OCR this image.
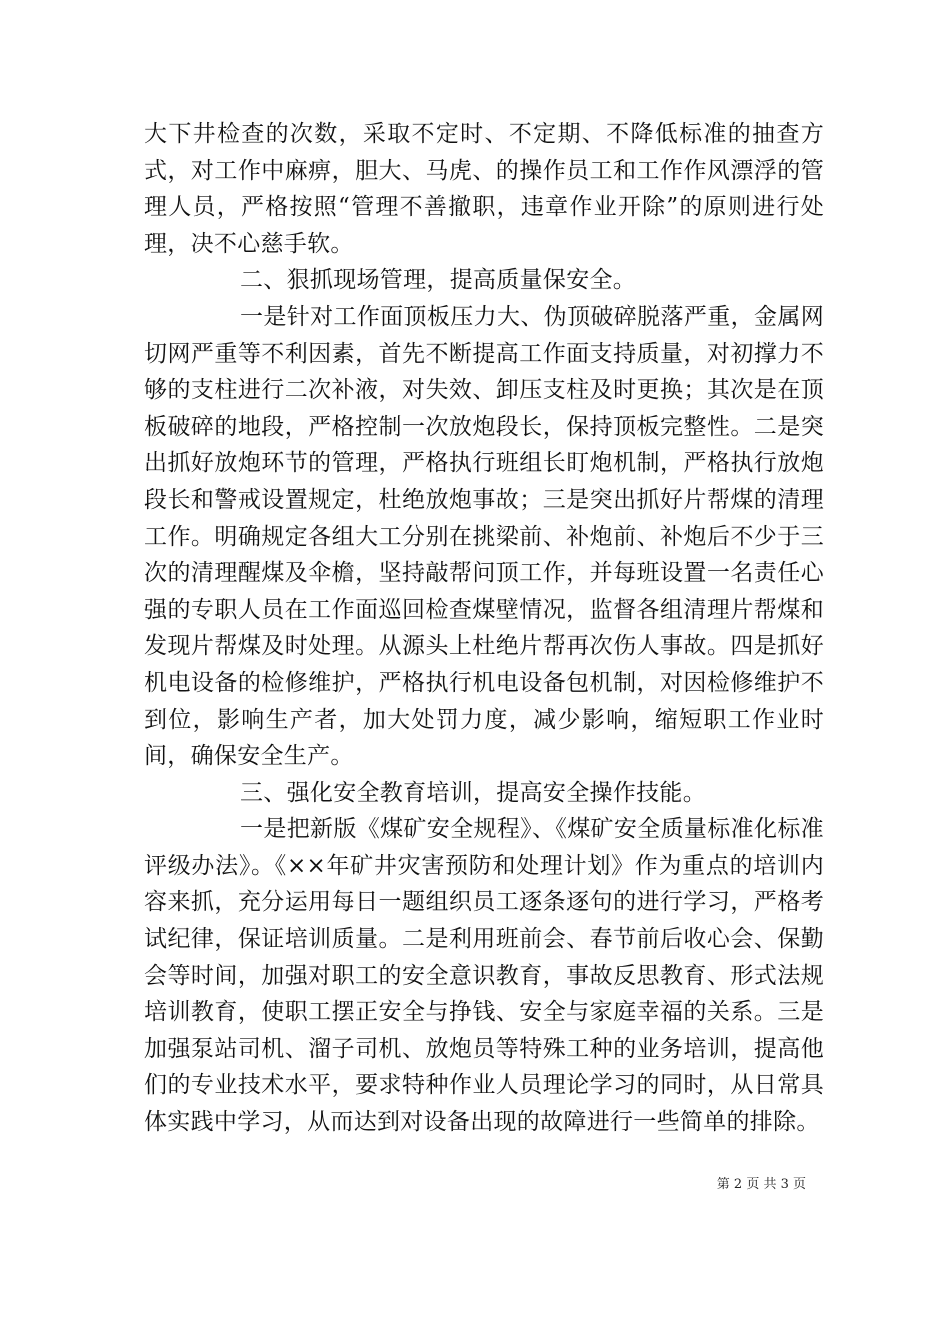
大下井检查的次数，采取不定时、不定期、不降低标准的抽查方式，对工作中麻痹，胆大、马虎、的操作员工和工作作风漂浮的管理人员，严格按照“管理不善撤职，违章作业开除”的原则进行处理，决不心慈手软。

二、狠抓现场管理，提高质量保安全。

一是针对工作面顶板压力大、伪顶破碎脱落严重，金属网切网严重等不利因素，首先不断提高工作面支持质量，对初撑力不够的支柱进行二次补液，对失效、卸压支柱及时更换；其次是在顶板破碎的地段，严格控制一次放炮段长，保持顶板完整性。二是突出抓好放炮环节的管理，严格执行班组长盯炮机制，严格执行放炮段长和警戒设置规定，杜绝放炮事故；三是突出抓好片帮煤的清理工作。明确规定各组大工分别在挑梁前、补炮前、补炮后不少于三次的清理醒煤及伞檐，坚持敲帮问顶工作，并每班设置一名责任心强的专职人员在工作面巡回检查煤壁情况，监督各组清理片帮煤和发现片帮煤及时处理。从源头上杜绝片帮再次伤人事故。四是抓好机电设备的检修维护，严格执行机电设备包机制，对因检修维护不到位，影响生产者，加大处罚力度，减少影响，缩短职工作业时间，确保安全生产。

三、强化安全教育培训，提高安全操作技能。

一是把新版《煤矿安全规程》、《煤矿安全质量标准化标准评级办法》。《××年矿井灾害预防和处理计划》作为重点的培训内容来抓，充分运用每日一题组织员工逐条逐句的进行学习，严格考试纪律，保证培训质量。二是利用班前会、春节前后收心会、保勤会等时间，加强对职工的安全意识教育，事故反思教育、形式法规培训教育，使职工摆正安全与挣钱、安全与家庭幸福的关系。三是加强泵站司机、溜子司机、放炮员等特殊工种的业务培训，提高他们的专业技术水平，要求特种作业人员理论学习的同时，从日常具体实践中学习，从而达到对设备出现的故障进行一些简单的排除。

第 2 页 共 3 页
